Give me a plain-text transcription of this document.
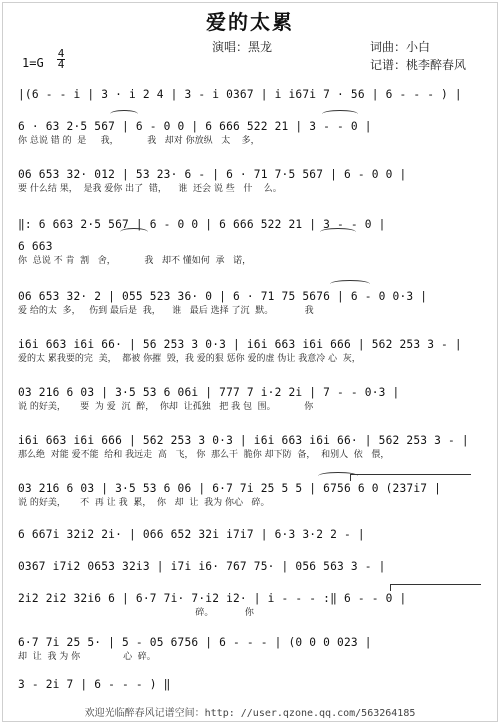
爱的太累
演唱：黑龙	词曲：小白
记谱：桃李醉春风
1=G
4
4
|(6 - - i | 3 · i 2 4 | 3 - i 0367 | i i67i 7 · 56 | 6 - - - ) |
6 · 63 2·5 567 | 6 - 0 0 | 6 666 522 21 | 3 - - 0 |
你 总说 错 的  是     我，          我   却对 你放纵   太    多，
06 653 32· 012 | 53 23· 6 - | 6 · 71 7·5 567 | 6 - 0 0 |
要 什么结 果，  是我 爱你 出了  错，    谁  还会 说 些   什    么。
‖: 6 663 2·5 567 | 6 - 0 0 | 6 666 522 21 | 3 - - 0 |
6 663
你  总说 不 肯  割   舍，          我   却不 懂如何  承   诺，
06 653 32· 2 | 055 523 36· 0 | 6 · 71 75 5676 | 6 - 0 0·3 |
爱 给的太  多，   伤到 最后是  我，    谁   最后 选择 了沉  默。           我
i6i 663 i6i 66· | 56 253 3 0·3 | i6i 663 i6i 666 | 562 253 3 - |
爱的太 累我要的完  美，  都被 你摧  毁，我 爱的狠 惩你 爱的虚 伪让 我意冷 心  灰，
03 216 6 03 | 3·5 53 6 06i | 777 7 i·2 2i | 7 - - 0·3 |
说 的好美，     要  为 爱  沉  醉，  你却  让孤独   把 我 包  围。          你
i6i 663 i6i 666 | 562 253 3 0·3 | i6i 663 i6i 66· | 562 253 3 - |
那么绝  对能 爱不能  给和 我远走  高   飞， 你  那么干  脆你 却下防  备，  和别人  依   偎，
03 216 6 03 | 3·5 53 6 06 | 6·7 7i 25 5 5 | 6756 6 0 (237i7 |
说 的好美，     不  再 让 我  累，  你   却  让  我为 你心   碎。
6 667i 32i2 2i· | 066 652 32i i7i7 | 6·3 3·2 2 - |
0367 i7i2 0653 32i3 | i7i i6· 767 75· | 056 563 3 - |
2i2 2i2 32i6 6 | 6·7 7i· 7·i2 i2· | i - - - :‖ 6 - - 0 |
碎。           你
6·7 7i 25 5· | 5 - 05 6756 | 6 - - - | (0 0 0 023 |
却  让  我 为 你               心  碎。
3 - 2i 7 | 6 - - - ) ‖
欢迎光临醉春风记谱空间：http: //user.qzone.qq.com/563264185
